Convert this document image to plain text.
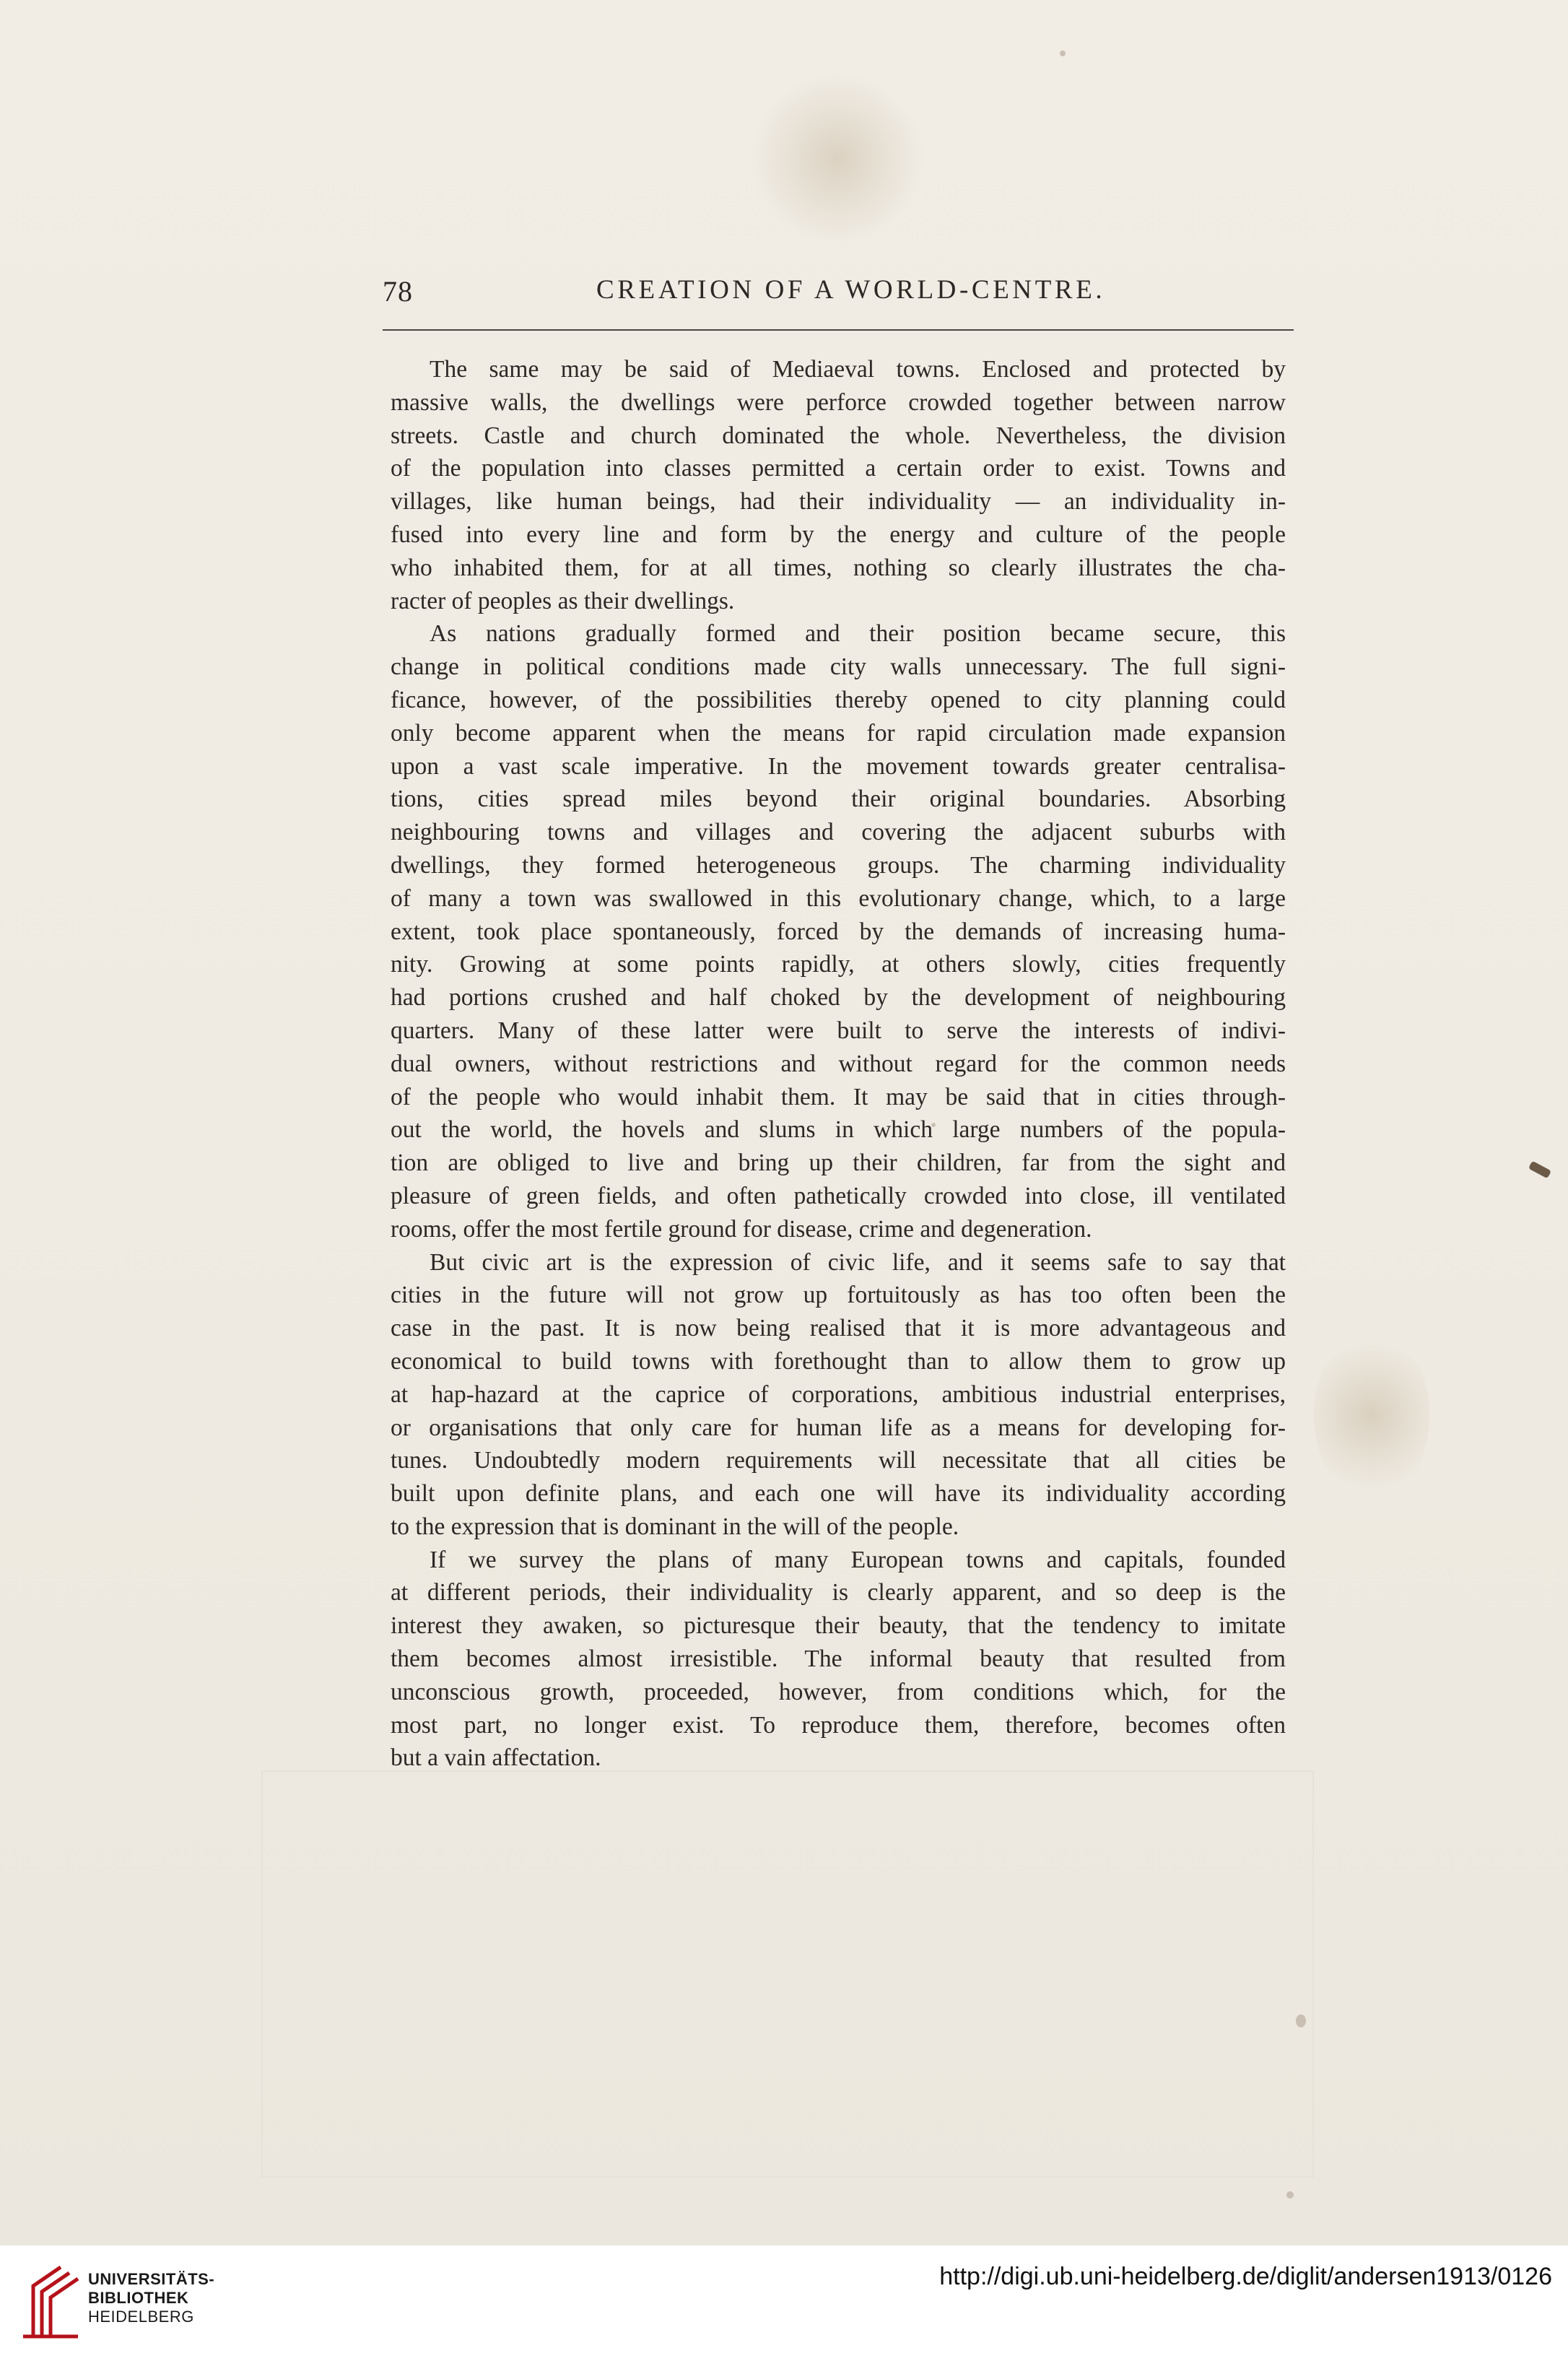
78	CREATION OF A WORLD-CENTRE.
The same may be said of Mediaeval towns. Enclosed and protected by
massive walls, the dwellings were perforce crowded together between narrow
streets. Castle and church dominated the whole. Nevertheless, the division
of the population into classes permitted a certain order to exist. Towns and
villages, like human beings, had their individuality — an individuality in-
fused into every line and form by the energy and culture of the people
who inhabited them, for at all times, nothing so clearly illustrates the cha-
racter of peoples as their dwellings.
As nations gradually formed and their position became secure, this
change in political conditions made city walls unnecessary. The full signi-
ficance, however, of the possibilities thereby opened to city planning could
only become apparent when the means for rapid circulation made expansion
upon a vast scale imperative. In the movement towards greater centralisa-
tions, cities spread miles beyond their original boundaries. Absorbing
neighbouring towns and villages and covering the adjacent suburbs with
dwellings, they formed heterogeneous groups. The charming individuality
of many a town was swallowed in this evolutionary change, which, to a large
extent, took place spontaneously, forced by the demands of increasing huma-
nity. Growing at some points rapidly, at others slowly, cities frequently
had portions crushed and half choked by the development of neighbouring
quarters. Many of these latter were built to serve the interests of indivi-
dual owners, without restrictions and without regard for the common needs
of the people who would inhabit them. It may be said that in cities through-
out the world, the hovels and slums in which large numbers of the popula-
tion are obliged to live and bring up their children, far from the sight and
pleasure of green fields, and often pathetically crowded into close, ill ventilated
rooms, offer the most fertile ground for disease, crime and degeneration.
But civic art is the expression of civic life, and it seems safe to say that
cities in the future will not grow up fortuitously as has too often been the
case in the past. It is now being realised that it is more advantageous and
economical to build towns with forethought than to allow them to grow up
at hap-hazard at the caprice of corporations, ambitious industrial enterprises,
or organisations that only care for human life as a means for developing for-
tunes. Undoubtedly modern requirements will necessitate that all cities be
built upon definite plans, and each one will have its individuality according
to the expression that is dominant in the will of the people.
If we survey the plans of many European towns and capitals, founded
at different periods, their individuality is clearly apparent, and so deep is the
interest they awaken, so picturesque their beauty, that the tendency to imitate
them becomes almost irresistible. The informal beauty that resulted from
unconscious growth, proceeded, however, from conditions which, for the
most part, no longer exist. To reproduce them, therefore, becomes often
but a vain affectation.
UNIVERSITÄTS-
BIBLIOTHEK
HEIDELBERG
http://digi.ub.uni-heidelberg.de/diglit/andersen1913/0126
